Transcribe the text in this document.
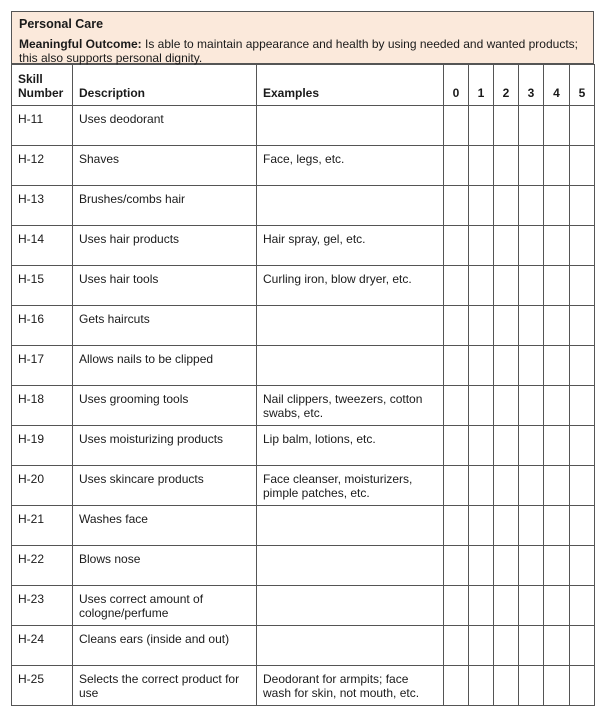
Personal Care
Meaningful Outcome: Is able to maintain appearance and health by using needed and wanted products; this also supports personal dignity.
Skill Number	Description	Examples	0	1	2	3	4	5
H-11	Uses deodorant							
H-12	Shaves	Face, legs, etc.						
H-13	Brushes/combs hair							
H-14	Uses hair products	Hair spray, gel, etc.						
H-15	Uses hair tools	Curling iron, blow dryer, etc.						
H-16	Gets haircuts							
H-17	Allows nails to be clipped							
H-18	Uses grooming tools	Nail clippers, tweezers, cotton swabs, etc.						
H-19	Uses moisturizing products	Lip balm, lotions, etc.						
H-20	Uses skincare products	Face cleanser, moisturizers, pimple patches, etc.						
H-21	Washes face							
H-22	Blows nose							
H-23	Uses correct amount of cologne/perfume							
H-24	Cleans ears (inside and out)							
H-25	Selects the correct product for use	Deodorant for armpits; face wash for skin, not mouth, etc.						
